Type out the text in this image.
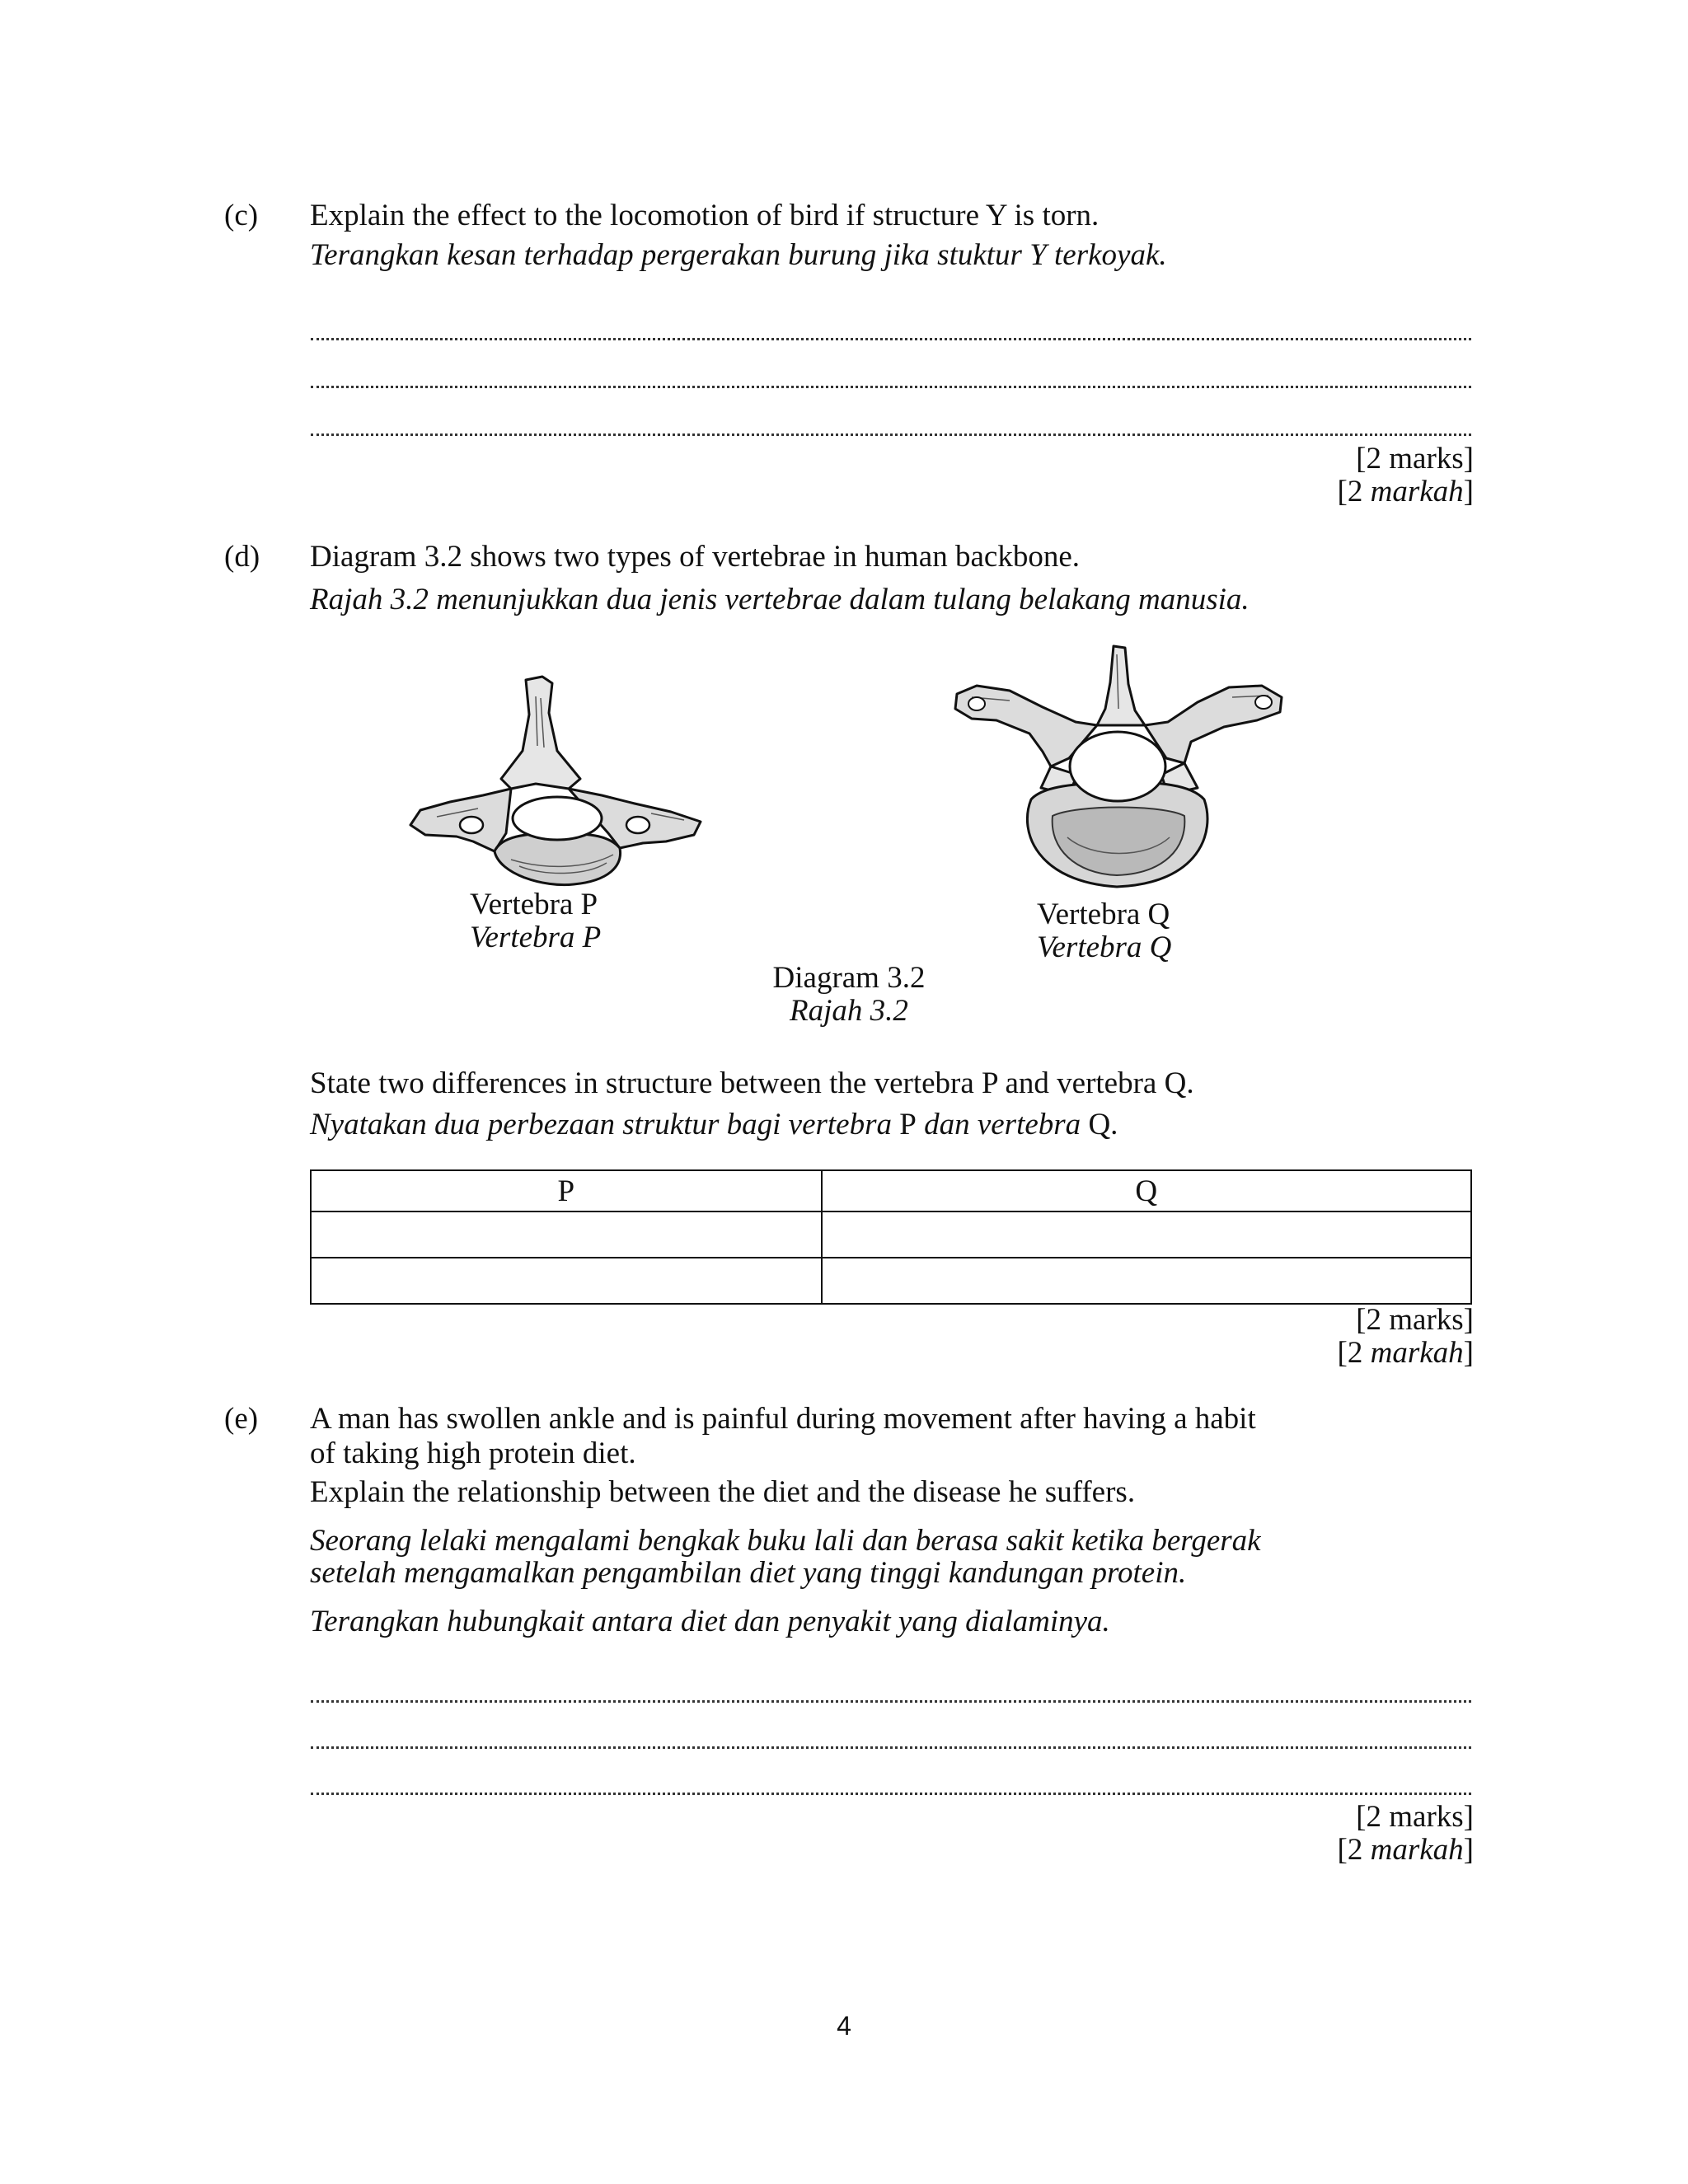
(c) Explain the effect to the locomotion of bird if structure Y is torn.
Terangkan kesan terhadap pergerakan burung jika stuktur Y terkoyak.
[2 marks]
[2 markah]
(d) Diagram 3.2 shows two types of vertebrae in human backbone.
Rajah 3.2 menunjukkan dua jenis vertebrae dalam tulang belakang manusia.
Vertebra P
Vertebra P
Vertebra Q
Vertebra Q
Diagram 3.2
Rajah 3.2
State two differences in structure between the vertebra P and vertebra Q.
Nyatakan dua perbezaan struktur bagi vertebra P dan vertebra Q.
P	Q

[2 marks]
[2 markah]
(e) A man has swollen ankle and is painful during movement after having a habit
of taking high protein diet.
Explain the relationship between the diet and the disease he suffers.
Seorang lelaki mengalami bengkak buku lali dan berasa sakit ketika bergerak
setelah mengamalkan pengambilan diet yang tinggi kandungan protein.
Terangkan hubungkait antara diet dan penyakit yang dialaminya.
[2 marks]
[2 markah]
4
